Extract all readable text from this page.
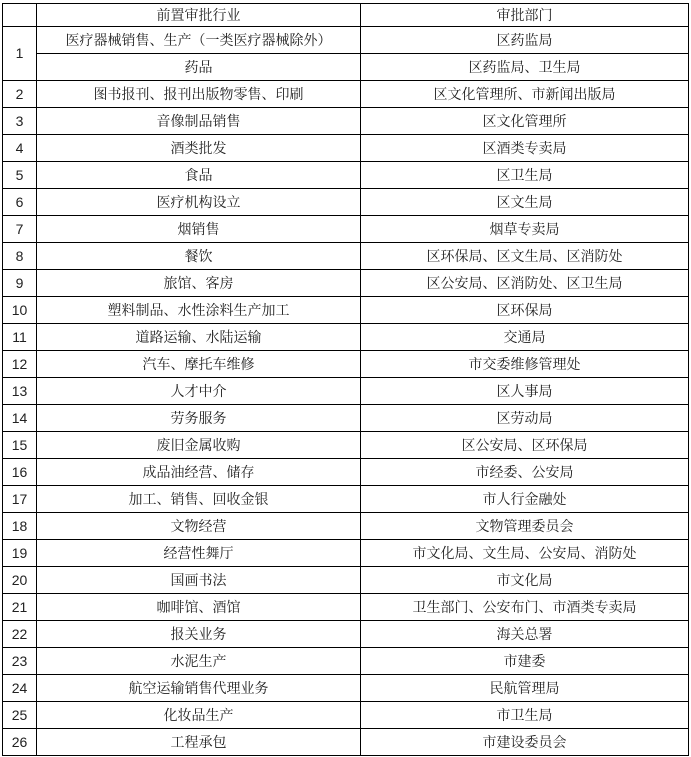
	前置审批行业	审批部门
1	医疗器械销售、生产（一类医疗器械除外）	区药监局
	药品	区药监局、卫生局
2	图书报刊、报刊出版物零售、印刷	区文化管理所、市新闻出版局
3	音像制品销售	区文化管理所
4	酒类批发	区酒类专卖局
5	食品	区卫生局
6	医疗机构设立	区文生局
7	烟销售	烟草专卖局
8	餐饮	区环保局、区文生局、区消防处
9	旅馆、客房	区公安局、区消防处、区卫生局
10	塑料制品、水性涂料生产加工	区环保局
11	道路运输、水陆运输	交通局
12	汽车、摩托车维修	市交委维修管理处
13	人才中介	区人事局
14	劳务服务	区劳动局
15	废旧金属收购	区公安局、区环保局
16	成品油经营、储存	市经委、公安局
17	加工、销售、回收金银	市人行金融处
18	文物经营	文物管理委员会
19	经营性舞厅	市文化局、文生局、公安局、消防处
20	国画书法	市文化局
21	咖啡馆、酒馆	卫生部门、公安布门、市酒类专卖局
22	报关业务	海关总署
23	水泥生产	市建委
24	航空运输销售代理业务	民航管理局
25	化妆品生产	市卫生局
26	工程承包	市建设委员会
